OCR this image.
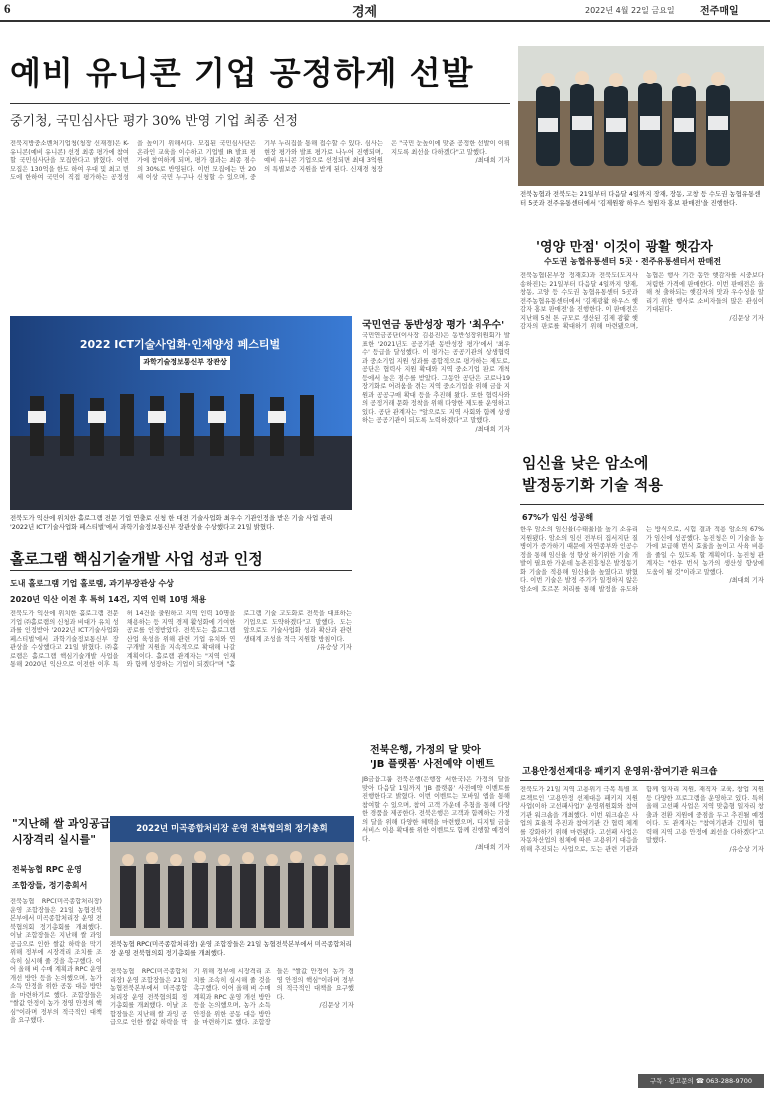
6	경제	2022년 4월 22일 금요일	전주매일
예비 유니콘 기업 공정하게 선발
중기청, 국민심사단 평가 30% 반영 기업 최종 선정
전북지방중소벤처기업청(청장 신재경)은 K-유니콘(예비 유니콘) 선정 최종 평가에 참여할 국민심사단을 모집한다고 밝혔다. 이번 모집은 130억을 한도 하여 우대 및 최고 빈도에 한하여 국민이 직접 평가하는 공정성을 높이기 위해서다. 모집된 국민심사단은 온라인 교육을 이수하고 기업별 IR 발표 평가에 참여하게 되며, 평가 결과는 최종 점수의 30%로 반영된다. 이번 모집에는 만 20세 이상 국민 누구나 신청할 수 있으며, 중기부 누리집을 통해 접수할 수 있다. 심사는 현장 평가와 발표 평가로 나누어 진행되며, 예비 유니콘 기업으로 선정되면 최대 3억원의 특별보증 지원을 받게 된다. 신재경 청장은 "국민 눈높이에 맞춘 공정한 선발이 이뤄지도록 최선을 다하겠다"고 말했다.
/최대희 기자
전북농협과 전북도는 21일부터 다음달 4일까지 장재, 장동, 고창 등 수도권 농협유통센터 5곳과 전주유통센터에서 '김제원왕 하우스 청원자 홍보 판매전'을 진행한다.
'영양 만점' 이것이 광활 햇감자
수도권 농협유통센터 5곳 · 전주유통센터서 판매전
전북농협(본부장 정재호)과 전북도(도지사 송하진)는 21일부터 다음달 4일까지 양재, 창동, 고양 등 수도권 농협유통센터 5곳과 전주농협유통센터에서 '김제광활 하우스 햇감자 홍보 판매전'을 진행한다. 이 판매전은 지난해 5천 톤 규모로 생산된 김제 광활 햇감자의 판로를 확대하기 위해 마련됐으며, 농협은 행사 기간 동안 햇감자를 시중보다 저렴한 가격에 판매한다. 이번 판매전은 올해 첫 출하되는 햇감자의 맛과 우수성을 알리기 위한 행사로 소비자들의 많은 관심이 기대된다.
/김문상 기자
2022 ICT기술사업화·인재양성 페스티벌
과학기술정보통신부 장관상
전북도가 익산에 위치한 홀로그램 전문 기업 연출로 신청 한 대전 기술사업화 최우수 기관인정을 받은 기술 사업 관리 '2022년 ICT기술사업화 페스티벌'에서 과학기술정보통신부 장관상을 수상했다고 21일 밝혔다.
국민연금 동반성장 평가 '최우수'
국민연금공단(이사장 김용진)은 동반성장위원회가 발표한 '2021년도 공공기관 동반성장 평가'에서 '최우수' 등급을 달성했다. 이 평가는 공공기관의 상생협력과 중소기업 지원 성과를 종합적으로 평가하는 제도로, 공단은 협력사 지원 확대와 지역 중소기업 판로 개척 등에서 높은 점수를 받았다. 그동안 공단은 코로나19 장기화로 어려움을 겪는 지역 중소기업을 위해 금융 지원과 공공구매 확대 등을 추진해 왔다. 또한 협력사와의 공정거래 문화 정착을 위해 다양한 제도를 운영하고 있다. 공단 관계자는 "앞으로도 지역 사회와 함께 상생하는 공공기관이 되도록 노력하겠다"고 말했다.
/최대희 기자
임신율 낮은 암소에
발정동기화 기술 적용
67%가 임신 성공해
한우 암소의 임신율(수태율)을 높기 소유리 지원됐다. 암소의 임신 전부터 집서지단 질병이가 증가하기 때문에 자연종부와 인공수정을 통해 임신율 성 향상 하기위한 기술 개발이 필요한 가운데 농촌진흥청은 발정동기화 기술을 적용해 임신율을 높였다고 밝혔다. 이번 기술은 발정 주기가 일정하지 않은 암소에 호르몬 처리를 통해 발정을 유도하는 방식으로, 시험 결과 적용 암소의 67%가 임신에 성공했다. 농진청은 이 기술을 농가에 보급해 번식 효율을 높이고 사육 비용을 줄일 수 있도록 할 계획이다. 농진청 관계자는 "한우 번식 농가의 생산성 향상에 도움이 될 것"이라고 말했다.
/최대희 기자
홀로그램 핵심기술개발 사업 성과 인정
도내 홀로그램 기업 홀로램, 과기부장관상 수상
2020년 익산 이전 후 특허 14건, 지역 인력 10명 채용
전북도가 익산에 위치한 홀로그램 전문기업 ㈜홀로램의 신청과 비대가 유치 성과를 인정받아 '2022년 ICT기술사업화 페스티벌'에서 과학기술정보통신부 장관상을 수상했다고 21일 밝혔다. ㈜홀로램은 홀로그램 핵심기술개발 사업을 통해 2020년 익산으로 이전한 이후 특허 14건을 출원하고 지역 인력 10명을 채용하는 등 지역 경제 활성화에 기여한 공로를 인정받았다. 전북도는 홀로그램 산업 육성을 위해 관련 기업 유치와 연구개발 지원을 지속적으로 확대해 나갈 계획이다. 홀로램 관계자는 "지역 인재와 함께 성장하는 기업이 되겠다"며 "홀로그램 기술 고도화로 전북을 대표하는 기업으로 도약하겠다"고 말했다. 도는 앞으로도 기술사업화 성과 확산과 관련 생태계 조성을 적극 지원할 방침이다.
/유승상 기자
전북은행, 가정의 달 맞아
'JB 플랫폼' 사전예약 이벤트
JB금융그룹 전북은행(은행장 서한국)은 가정의 달을 맞아 다음달 1일까지 'JB 플랫폼' 사전예약 이벤트를 진행한다고 밝혔다. 이번 이벤트는 모바일 앱을 통해 참여할 수 있으며, 참여 고객 가운데 추첨을 통해 다양한 경품을 제공한다. 전북은행은 고객과 함께하는 가정의 달을 위해 다양한 혜택을 마련했으며, 디지털 금융 서비스 이용 확대를 위한 이벤트도 함께 진행할 예정이다.
/최대희 기자
고용안정선제대응 패키지 운영위·참여기관 워크숍
전북도가 21일 지역 고용위기 극복 특별 프로젝트인 '고용안정 선제대응 패키지 지원사업(이하 고선패사업)' 운영위원회와 참여기관 워크숍을 개최했다. 이번 워크숍은 사업의 효율적 추진과 참여기관 간 협력 체계를 강화하기 위해 마련됐다. 고선패 사업은 자동차산업의 침체에 따른 고용위기 대응을 위해 추진되는 사업으로, 도는 관련 기관과 함께 일자리 지원, 재직자 교육, 창업 지원 등 다양한 프로그램을 운영하고 있다. 특히 올해 고선패 사업은 지역 맞춤형 일자리 창출과 전환 지원에 중점을 두고 추진될 예정이다. 도 관계자는 "참여기관과 긴밀히 협력해 지역 고용 안정에 최선을 다하겠다"고 말했다.
/유승상 기자
"지난해 쌀 과잉공급
시장격리 실시를"
전북농협 RPC 운영
조합장들, 정기총회서
전북농협 RPC(미곡종합처리장) 운영 조합장들은 21일 농협전북본부에서 미곡종합처리장 운영 전북협의회 정기총회를 개최했다. 이날 조합장들은 지난해 쌀 과잉 공급으로 인한 쌀값 하락을 막기 위해 정부에 시장격리 조치를 조속히 실시해 줄 것을 촉구했다. 이어 올해 벼 수매 계획과 RPC 운영 개선 방안 등을 논의했으며, 농가 소득 안정을 위한 공동 대응 방안을 마련하기로 했다. 조합장들은 "쌀값 안정이 농가 경영 안정의 핵심"이라며 정부의 적극적인 대책을 요구했다.
2022년 미곡종합처리장 운영 전북협의회 정기총회
전북농협 RPC(미곡종합처리장) 운영 조합장들은 21일 농협전북본부에서 미곡종합처리장 운영 전북협의회 정기총회를 개최했다.
전북농협 RPC(미곡종합처리장) 운영 조합장들은 21일 농협전북본부에서 미곡종합처리장 운영 전북협의회 정기총회를 개최했다. 이날 조합장들은 지난해 쌀 과잉 공급으로 인한 쌀값 하락을 막기 위해 정부에 시장격리 조치를 조속히 실시해 줄 것을 촉구했다. 이어 올해 벼 수매 계획과 RPC 운영 개선 방안 등을 논의했으며, 농가 소득 안정을 위한 공동 대응 방안을 마련하기로 했다. 조합장들은 "쌀값 안정이 농가 경영 안정의 핵심"이라며 정부의 적극적인 대책을 요구했다.
/김문상 기자
구독 · 광고문의 ☎ 063-288-9700
